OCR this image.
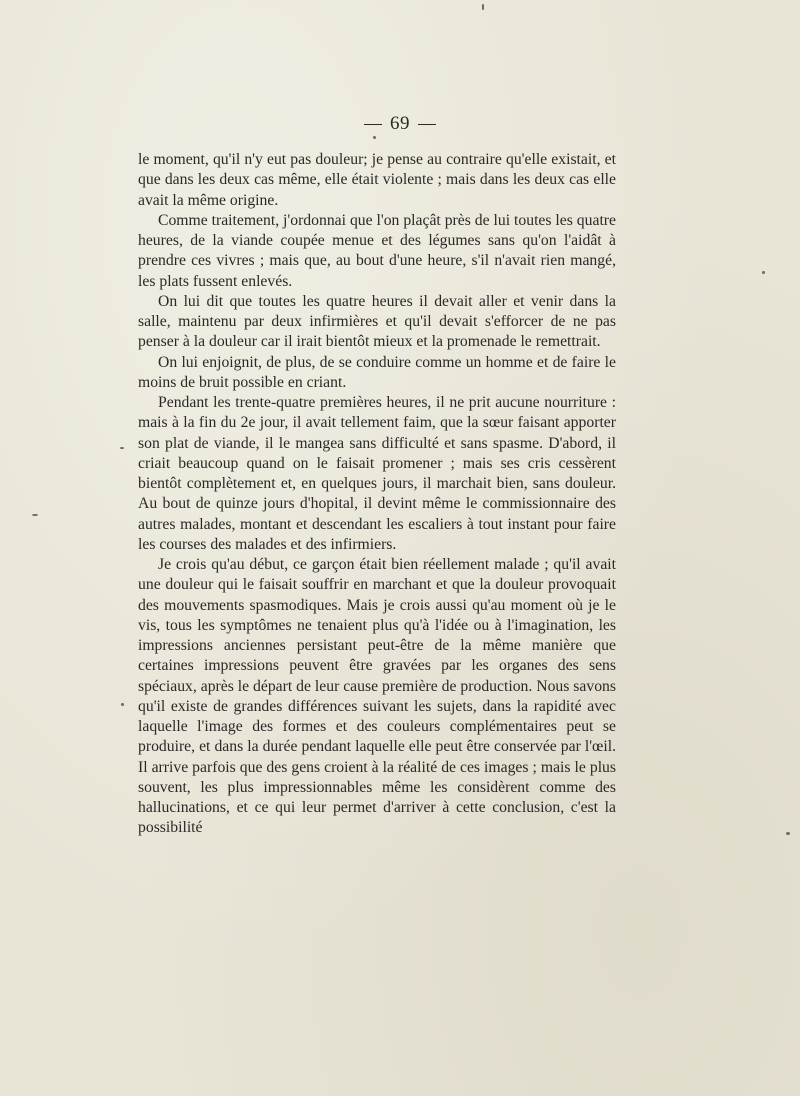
69

le moment, qu'il n'y eut pas douleur; je pense au contraire qu'elle existait, et que dans les deux cas même, elle était violente ; mais dans les deux cas elle avait la même origine.

Comme traitement, j'ordonnai que l'on plaçât près de lui toutes les quatre heures, de la viande coupée menue et des légumes sans qu'on l'aidât à prendre ces vivres ; mais que, au bout d'une heure, s'il n'avait rien mangé, les plats fussent enlevés.

On lui dit que toutes les quatre heures il devait aller et venir dans la salle, maintenu par deux infirmières et qu'il devait s'efforcer de ne pas penser à la douleur car il irait bientôt mieux et la promenade le remettrait.

On lui enjoignit, de plus, de se conduire comme un homme et de faire le moins de bruit possible en criant.

Pendant les trente-quatre premières heures, il ne prit aucune nourriture : mais à la fin du 2e jour, il avait tellement faim, que la sœur faisant apporter son plat de viande, il le mangea sans difficulté et sans spasme. D'abord, il criait beaucoup quand on le faisait promener ; mais ses cris cessèrent bientôt complètement et, en quelques jours, il marchait bien, sans douleur. Au bout de quinze jours d'hopital, il devint même le commissionnaire des autres malades, montant et descendant les escaliers à tout instant pour faire les courses des malades et des infirmiers.

Je crois qu'au début, ce garçon était bien réellement malade ; qu'il avait une douleur qui le faisait souffrir en marchant et que la douleur provoquait des mouvements spasmodiques. Mais je crois aussi qu'au moment où je le vis, tous les symptômes ne tenaient plus qu'à l'idée ou à l'imagination, les impressions anciennes persistant peut-être de la même manière que certaines impressions peuvent être gravées par les organes des sens spéciaux, après le départ de leur cause première de production. Nous savons qu'il existe de grandes différences suivant les sujets, dans la rapidité avec laquelle l'image des formes et des couleurs complémentaires peut se produire, et dans la durée pendant laquelle elle peut être conservée par l'œil. Il arrive parfois que des gens croient à la réalité de ces images ; mais le plus souvent, les plus impressionnables même les considèrent comme des hallucinations, et ce qui leur permet d'arriver à cette conclusion, c'est la possibilité
